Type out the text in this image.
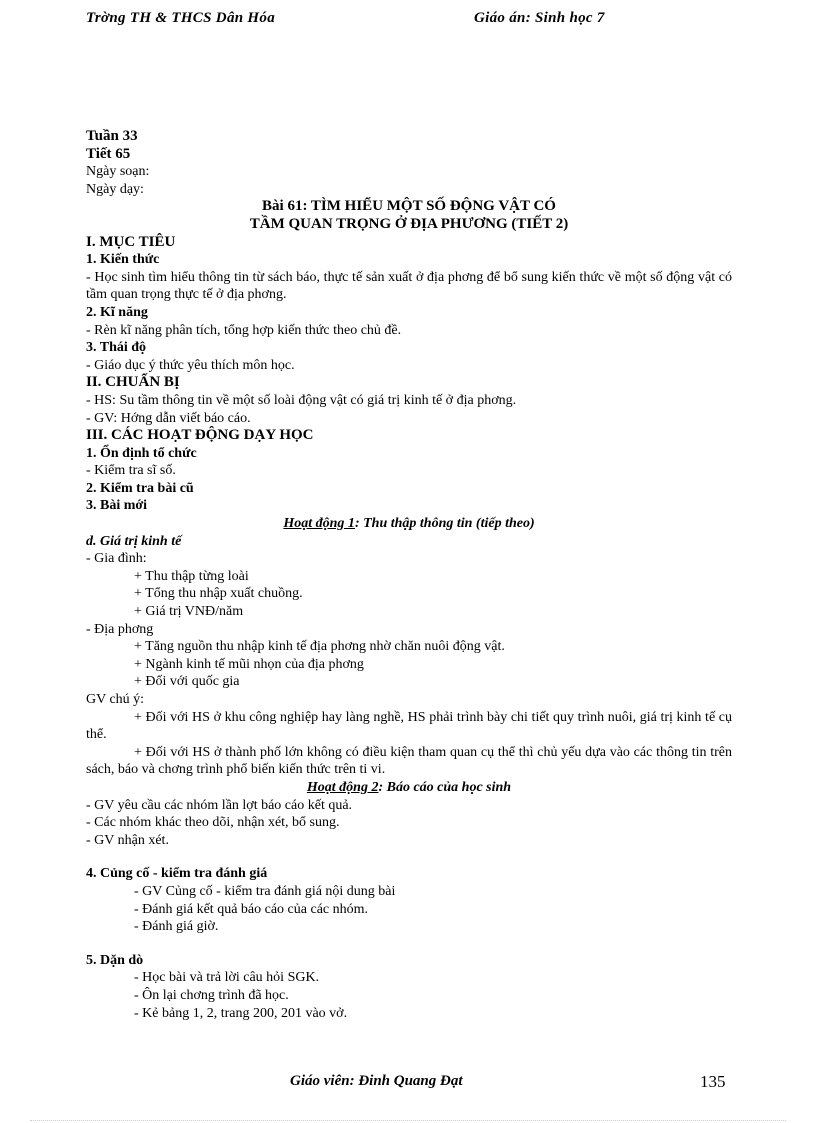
Trờng TH & THCS Dân Hóa	Giáo án: Sinh học 7

Tuần 33

Tiết 65

Ngày soạn:

Ngày dạy:

Bài 61: TÌM HIỂU MỘT SỐ ĐỘNG VẬT CÓ

TẦM QUAN TRỌNG Ở ĐỊA PHƯƠNG (TIẾT 2)

I. MỤC TIÊU

1. Kiến thức

- Học sinh tìm hiểu thông tin từ sách báo, thực tế sản xuất ở địa phơng để bổ sung kiến thức về một số động vật có tầm quan trọng thực tế ở địa phơng.

2. Kĩ năng

- Rèn kĩ năng phân tích, tổng hợp kiến thức theo chủ đề.

3. Thái độ

- Giáo dục ý thức yêu thích môn học.

II. CHUẨN BỊ

- HS: Su tầm thông tin về một số loài động vật có giá trị kinh tế ở địa phơng.

- GV: Hớng dẫn viết báo cáo.

III. CÁC HOẠT ĐỘNG DẠY HỌC

1. Ổn định tổ chức

- Kiểm tra sĩ số.

2. Kiểm tra bài cũ

3. Bài mới

Hoạt động 1: Thu thập thông tin (tiếp theo)

d. Giá trị kinh tế

- Gia đình:

+ Thu thập từng loài

+ Tổng thu nhập xuất chuồng.

+ Giá trị VNĐ/năm

- Địa phơng

+ Tăng nguồn thu nhập kinh tế địa phơng nhờ chăn nuôi động vật.

+ Ngành kinh tế mũi nhọn của địa phơng

+ Đối với quốc gia

GV chú ý:

+ Đối với HS ở khu công nghiệp hay làng nghề, HS phải trình bày chi tiết quy trình nuôi, giá trị kinh tế cụ thể.

+ Đối với HS ở thành phố lớn không có điều kiện tham quan cụ thể thì chủ yếu dựa vào các thông tin trên sách, báo và chơng trình phổ biến kiến thức trên ti vi.

Hoạt động 2: Báo cáo của học sinh

- GV yêu cầu các nhóm lần lợt báo cáo kết quả.

- Các nhóm khác theo dõi, nhận xét, bổ sung.

- GV nhận xét.

4. Củng cố - kiểm tra đánh giá

- GV Củng cố - kiểm tra đánh giá nội dung bài

- Đánh giá kết quả báo cáo của các nhóm.

- Đánh giá giờ.

5. Dặn dò

- Học bài và trả lời câu hỏi SGK.

- Ôn lại chơng trình đã học.

- Kẻ bảng 1, 2, trang 200, 201 vào vở.

Giáo viên: Đinh Quang Đạt	135
